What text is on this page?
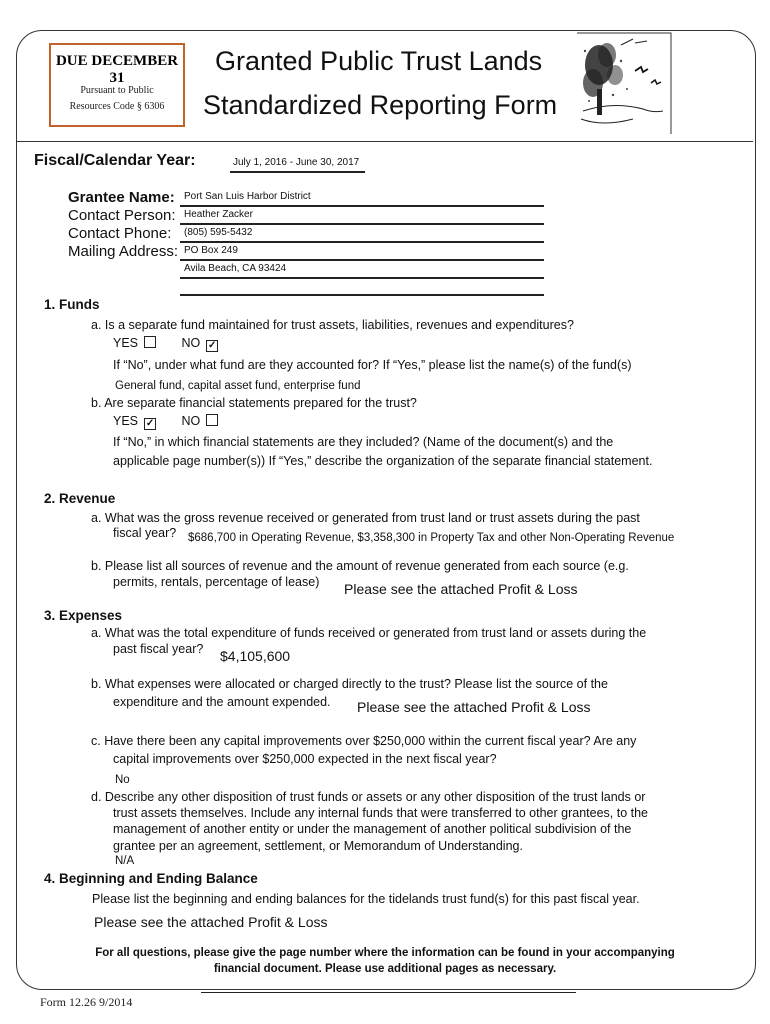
DUE DECEMBER 31
Pursuant to Public
Resources Code § 6306
Granted Public Trust Lands
Standardized Reporting Form
Fiscal/Calendar Year:	July 1, 2016 - June 30, 2017
Grantee Name: Port San Luis Harbor District
Contact Person: Heather Zacker
Contact Phone: (805) 595-5432
Mailing Address: PO Box 249
Avila Beach, CA 93424
1. Funds
a. Is a separate fund maintained for trust assets, liabilities, revenues and expenditures?
YES	NO ✓
If “No”, under what fund are they accounted for? If “Yes,” please list the name(s) of the fund(s)
General fund, capital asset fund, enterprise fund
b. Are separate financial statements prepared for the trust?
YES ✓ NO
If “No,” in which financial statements are they included? (Name of the document(s) and the
applicable page number(s)) If “Yes,” describe the organization of the separate financial statement.
2. Revenue
a. What was the gross revenue received or generated from trust land or trust assets during the past
fiscal year? $686,700 in Operating Revenue, $3,358,300 in Property Tax and other Non-Operating Revenue
b. Please list all sources of revenue and the amount of revenue generated from each source (e.g.
permits, rentals, percentage of lease) Please see the attached Profit & Loss
3. Expenses
a. What was the total expenditure of funds received or generated from trust land or assets during the
past fiscal year? $4,105,600
b. What expenses were allocated or charged directly to the trust? Please list the source of the
expenditure and the amount expended. Please see the attached Profit & Loss
c. Have there been any capital improvements over $250,000 within the current fiscal year? Are any
capital improvements over $250,000 expected in the next fiscal year?
No
d. Describe any other disposition of trust funds or assets or any other disposition of the trust lands or
trust assets themselves. Include any internal funds that were transferred to other grantees, to the
management of another entity or under the management of another political subdivision of the
grantee per an agreement, settlement, or Memorandum of Understanding.
N/A
4. Beginning and Ending Balance
Please list the beginning and ending balances for the tidelands trust fund(s) for this past fiscal year.
Please see the attached Profit & Loss
For all questions, please give the page number where the information can be found in your accompanying
financial document. Please use additional pages as necessary.
Form 12.26 9/2014
